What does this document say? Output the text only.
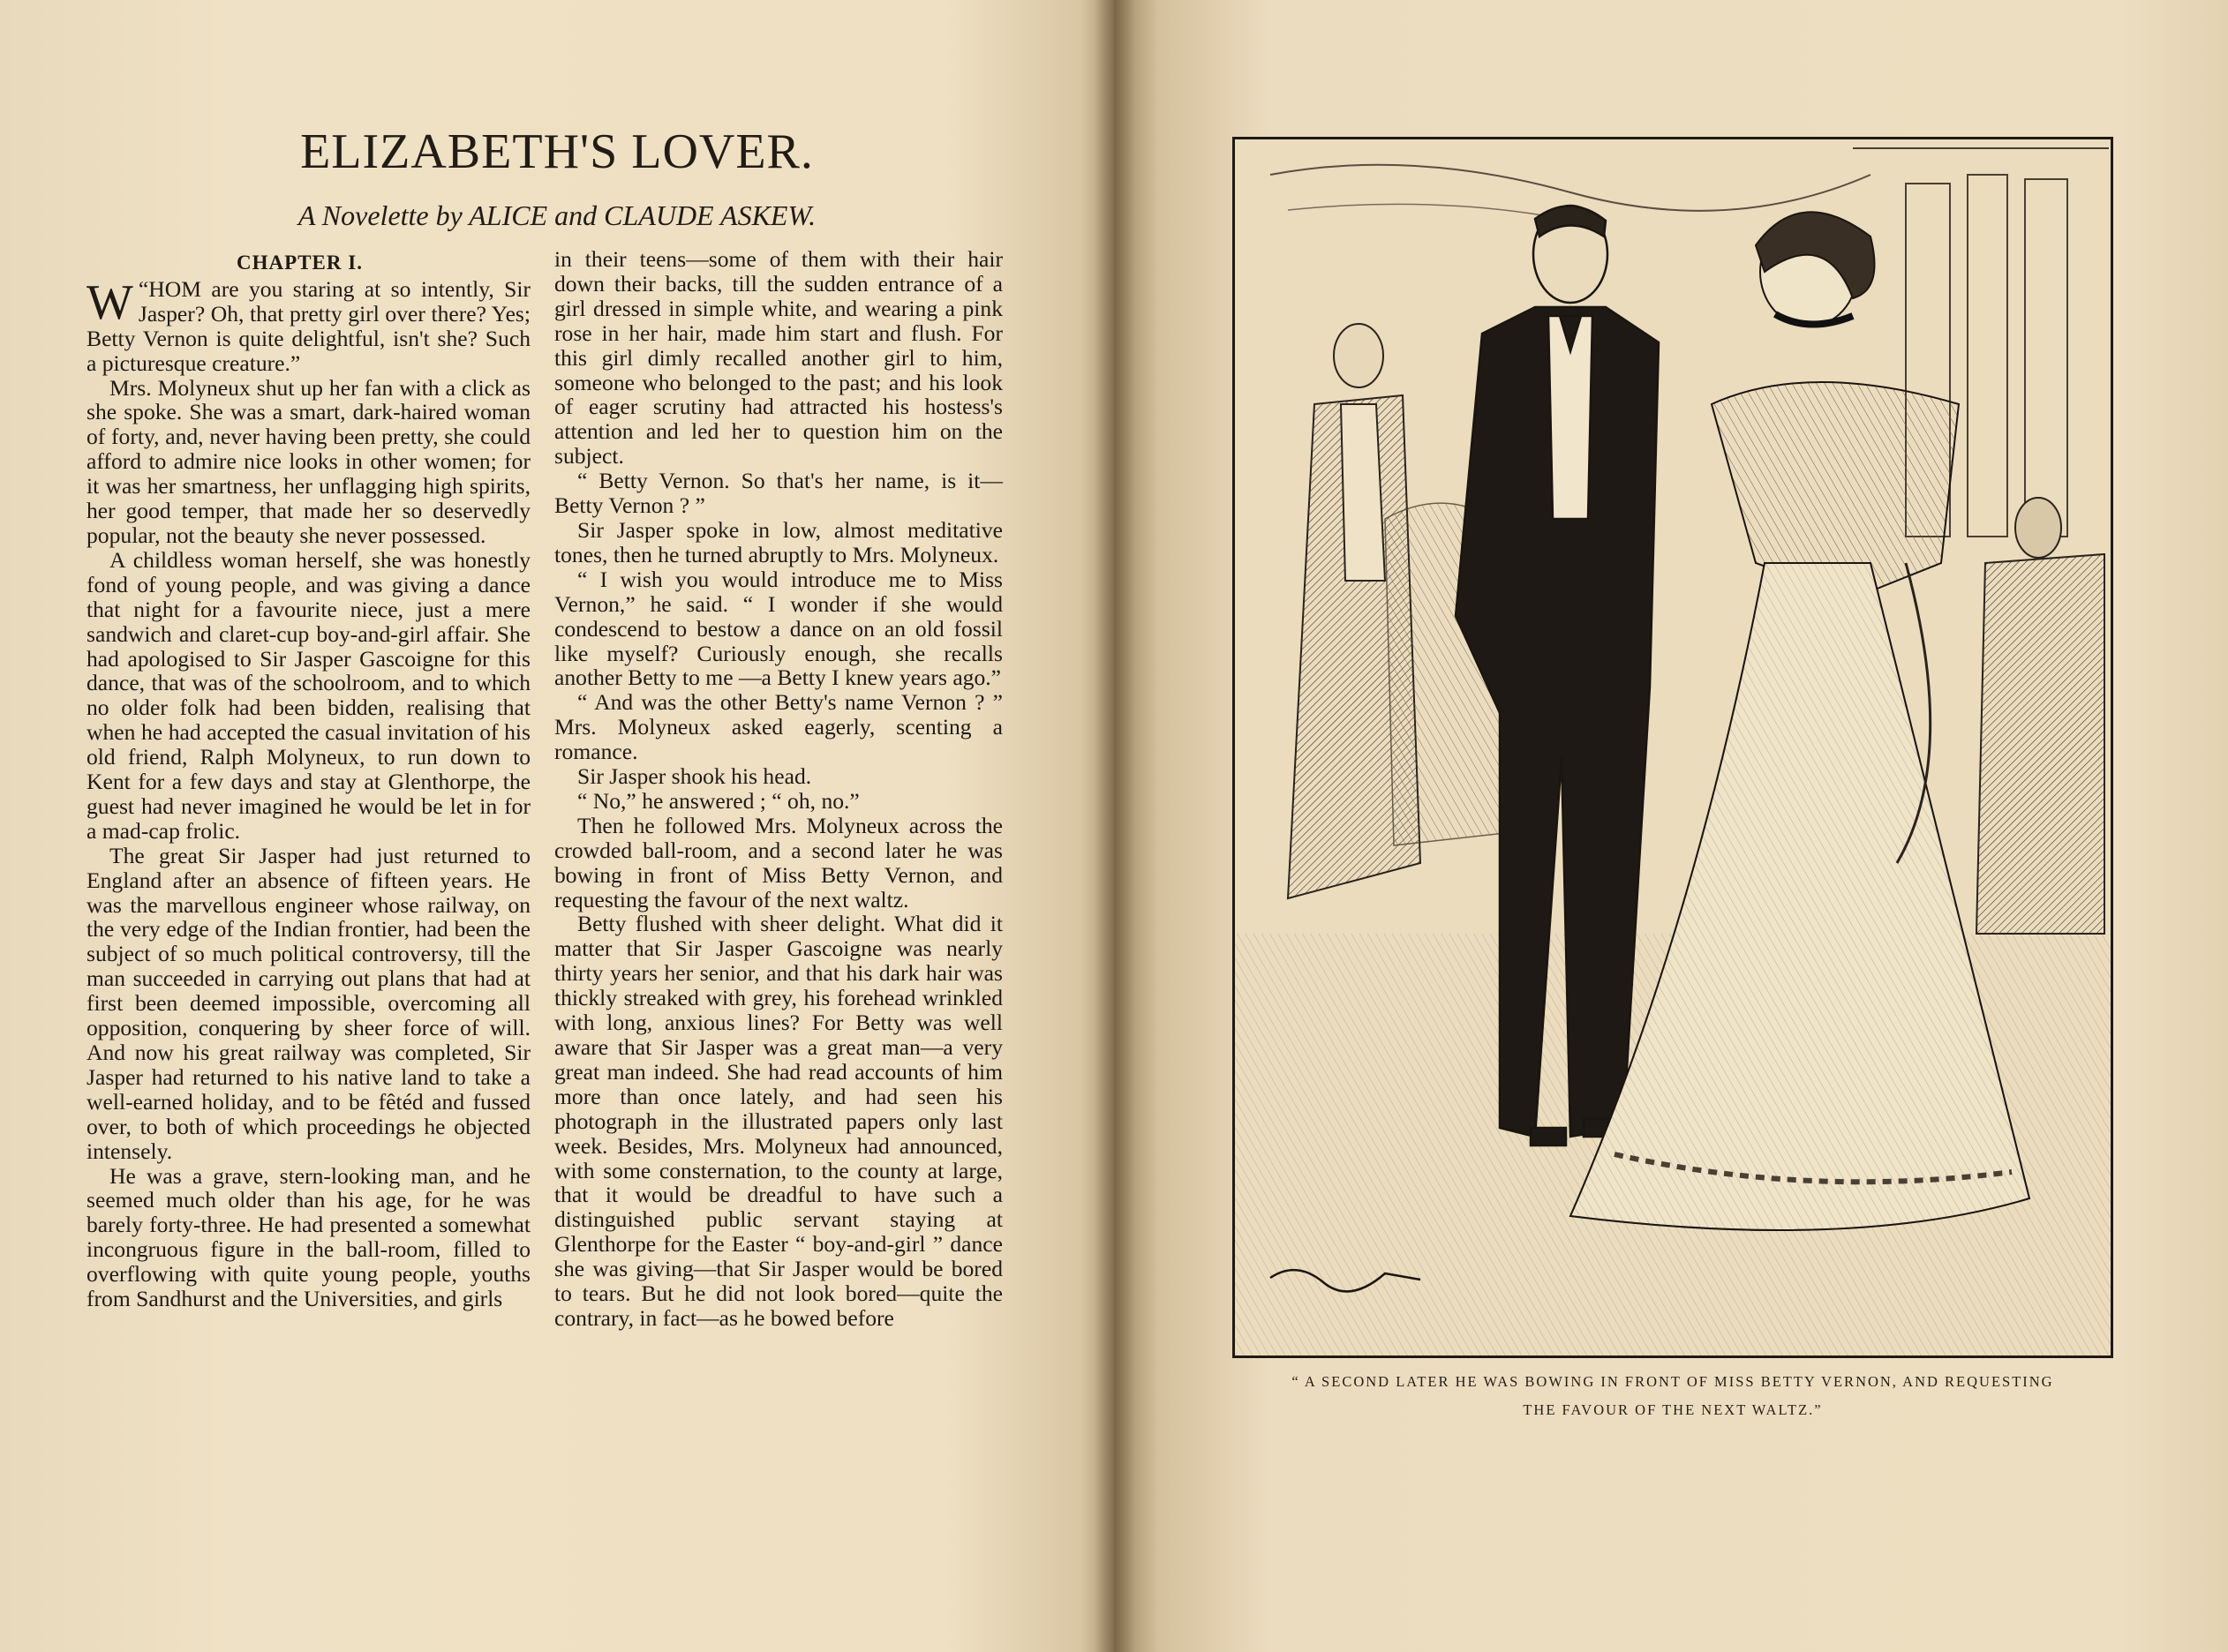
ELIZABETH'S LOVER.
A Novelette by ALICE and CLAUDE ASKEW.
CHAPTER I.

“
W HOM are you staring at so intently, Sir Jasper? Oh, that pretty girl over there? Yes; Betty Vernon is quite delightful, isn't she? Such a picturesque creature.”

Mrs. Molyneux shut up her fan with a click as she spoke. She was a smart, dark-haired woman of forty, and, never having been pretty, she could afford to admire nice looks in other women; for it was her smartness, her unflagging high spirits, her good temper, that made her so deservedly popular, not the beauty she never possessed.

A childless woman herself, she was honestly fond of young people, and was giving a dance that night for a favourite niece, just a mere sandwich and claret-cup boy-and-girl affair. She had apologised to Sir Jasper Gascoigne for this dance, that was of the schoolroom, and to which no older folk had been bidden, realising that when he had accepted the casual invitation of his old friend, Ralph Molyneux, to run down to Kent for a few days and stay at Glenthorpe, the guest had never imagined he would be let in for a mad-cap frolic.

The great Sir Jasper had just returned to England after an absence of fifteen years. He was the marvellous engineer whose railway, on the very edge of the Indian frontier, had been the subject of so much political controversy, till the man succeeded in carrying out plans that had at first been deemed impossible, overcoming all opposition, conquering by sheer force of will. And now his great railway was completed, Sir Jasper had returned to his native land to take a well-earned holiday, and to be fêtéd and fussed over, to both of which proceedings he objected intensely.

He was a grave, stern-looking man, and he seemed much older than his age, for he was barely forty-three. He had presented a somewhat incongruous figure in the ball-room, filled to overflowing with quite young people, youths from Sandhurst and the Universities, and girls

in their teens—some of them with their hair down their backs, till the sudden entrance of a girl dressed in simple white, and wearing a pink rose in her hair, made him start and flush. For this girl dimly recalled another girl to him, someone who belonged to the past; and his look of eager scrutiny had attracted his hostess's attention and led her to question him on the subject.

“ Betty Vernon. So that's her name, is it—Betty Vernon ? ”

Sir Jasper spoke in low, almost meditative tones, then he turned abruptly to Mrs. Molyneux.

“ I wish you would introduce me to Miss Vernon,” he said. “ I wonder if she would condescend to bestow a dance on an old fossil like myself? Curiously enough, she recalls another Betty to me —a Betty I knew years ago.”

“ And was the other Betty's name Vernon ? ” Mrs. Molyneux asked eagerly, scenting a romance.

Sir Jasper shook his head.

“ No,” he answered ; “ oh, no.”

Then he followed Mrs. Molyneux across the crowded ball-room, and a second later he was bowing in front of Miss Betty Vernon, and requesting the favour of the next waltz.

Betty flushed with sheer delight. What did it matter that Sir Jasper Gascoigne was nearly thirty years her senior, and that his dark hair was thickly streaked with grey, his forehead wrinkled with long, anxious lines? For Betty was well aware that Sir Jasper was a great man—a very great man indeed. She had read accounts of him more than once lately, and had seen his photograph in the illustrated papers only last week. Besides, Mrs. Molyneux had announced, with some consternation, to the county at large, that it would be dreadful to have such a distinguished public servant staying at Glenthorpe for the Easter “ boy-and-girl ” dance she was giving—that Sir Jasper would be bored to tears. But he did not look bored—quite the contrary, in fact—as he bowed before

“ A SECOND LATER HE WAS BOWING IN FRONT OF MISS BETTY VERNON, AND REQUESTING
THE FAVOUR OF THE NEXT WALTZ.”
